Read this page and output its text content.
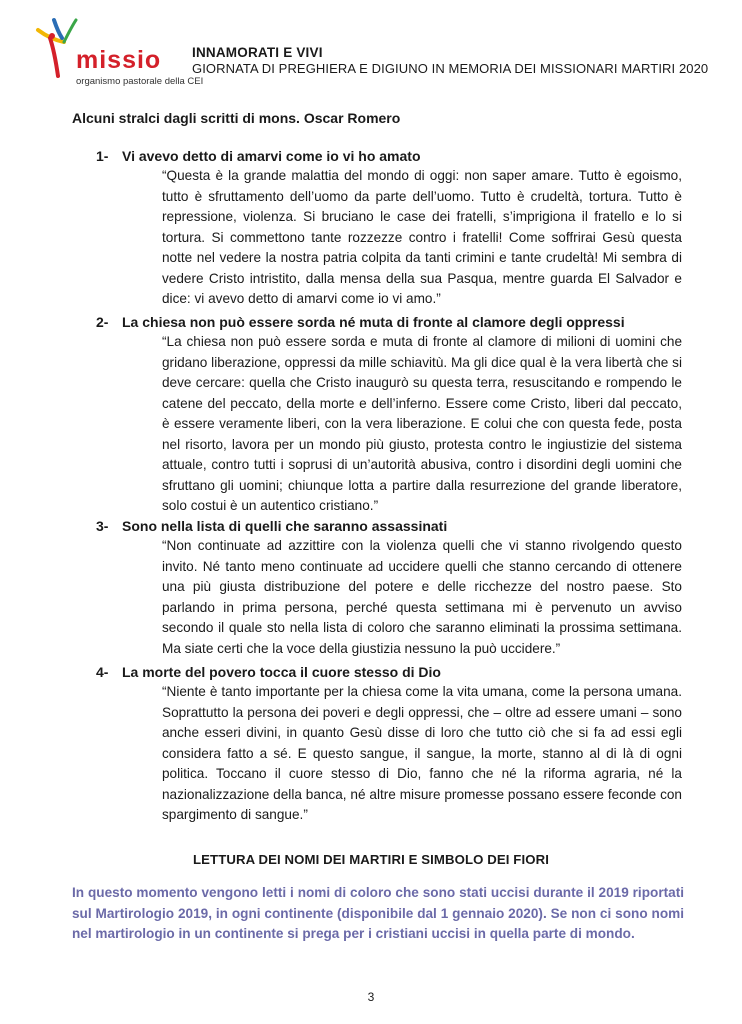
missio
organismo pastorale della CEI
INNAMORATI E VIVI
GIORNATA DI PREGHIERA E DIGIUNO IN MEMORIA DEI MISSIONARI MARTIRI 2020
Alcuni stralci dagli scritti di mons. Oscar Romero
1- Vi avevo detto di amarvi come io vi ho amato
“Questa è la grande malattia del mondo di oggi: non saper amare. Tutto è egoismo, tutto è sfruttamento dell’uomo da parte dell’uomo. Tutto è crudeltà, tortura. Tutto è repressione, violenza. Si bruciano le case dei fratelli, s’imprigiona il fratello e lo si tortura. Si commettono tante rozzezze contro i fratelli! Come soffrirai Gesù questa notte nel vedere la nostra patria colpita da tanti crimini e tante crudeltà! Mi sembra di vedere Cristo intristito, dalla mensa della sua Pasqua, mentre guarda El Salvador e dice: vi avevo detto di amarvi come io vi amo.”
2- La chiesa non può essere sorda né muta di fronte al clamore degli oppressi
“La chiesa non può essere sorda e muta di fronte al clamore di milioni di uomini che gridano liberazione, oppressi da mille schiavitù. Ma gli dice qual è la vera libertà che si deve cercare: quella che Cristo inaugurò su questa terra, resuscitando e rompendo le catene del peccato, della morte e dell’inferno. Essere come Cristo, liberi dal peccato, è essere veramente liberi, con la vera liberazione. E colui che con questa fede, posta nel risorto, lavora per un mondo più giusto, protesta contro le ingiustizie del sistema attuale, contro tutti i soprusi di un’autorità abusiva, contro i disordini degli uomini che sfruttano gli uomini; chiunque lotta a partire dalla resurrezione del grande liberatore, solo costui è un autentico cristiano.”
3- Sono nella lista di quelli che saranno assassinati
“Non continuate ad azzittire con la violenza quelli che vi stanno rivolgendo questo invito. Né tanto meno continuate ad uccidere quelli che stanno cercando di ottenere una più giusta distribuzione del potere e delle ricchezze del nostro paese. Sto parlando in prima persona, perché questa settimana mi è pervenuto un avviso secondo il quale sto nella lista di coloro che saranno eliminati la prossima settimana. Ma siate certi che la voce della giustizia nessuno la può uccidere.”
4- La morte del povero tocca il cuore stesso di Dio
“Niente è tanto importante per la chiesa come la vita umana, come la persona umana. Soprattutto la persona dei poveri e degli oppressi, che – oltre ad essere umani – sono anche esseri divini, in quanto Gesù disse di loro che tutto ciò che si fa ad essi egli considera fatto a sé. E questo sangue, il sangue, la morte, stanno al di là di ogni politica. Toccano il cuore stesso di Dio, fanno che né la riforma agraria, né la nazionalizzazione della banca, né altre misure promesse possano essere feconde con spargimento di sangue.”
LETTURA DEI NOMI DEI MARTIRI E SIMBOLO DEI FIORI
In questo momento vengono letti i nomi di coloro che sono stati uccisi durante il 2019 riportati sul Martirologio 2019, in ogni continente (disponibile dal 1 gennaio 2020). Se non ci sono nomi nel martirologio in un continente si prega per i cristiani uccisi in quella parte di mondo.
3
